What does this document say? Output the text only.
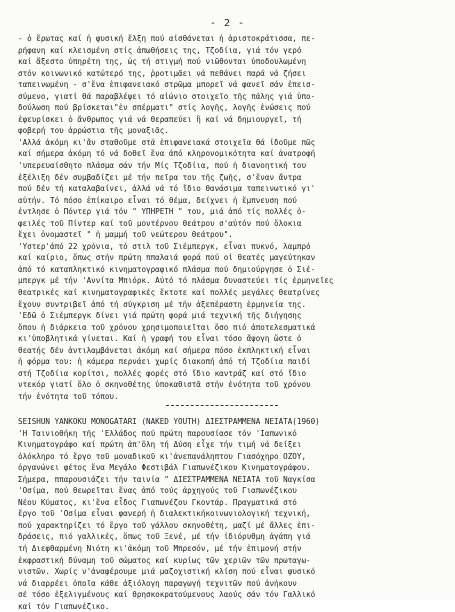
- 2 -
- ὁ ἔρωτας καί ἡ φυσική ἕλξη πού αἰσθάνεται ἡ ἀριστοκράτισσα, πε-
ρήφανη καί κλεισμένη στίς ἀπωθήσεις της, Τζοδίια, γιά τόν γερό
καί ἄξεστο ὑπηρέτη της, ὡς τή στιγμή πού νιῶθονται ὑποδουλωμένη
στόν κοινωνικό κατώτερό της, ῥροτιμᾶει νά πεθάνει παρά νά ζήσει
ταπεινωμένη - σ'ἕνα ἐπιφανειακό στρῶμα μπορεῖ νά φανεῖ σάν ἐπεισ-
σύμενο, γιατί θά παραβλέψει τό αἰώνιο στοιχεῖο τῆς πάλης γιά ὑπο-
δούλωση πού βρίσκεται"ἐν σπέρματι" στίς λογῆς, λογῆς ἑνώσεις πού
ἐφευρίσκει ὁ ἄνθρωπος γιά νά θεραπεύει ἢ καί νά δημιουργεῖ, τή
φοβερή του ἀρρώστια τῆς μοναξιᾶς.
'Αλλά ἀκόμη κι'ἄν σταθοῦμε στά ἐπιφανειακά στοιχεῖα θά ἰδοῦμε πῶς
καί σήμερα ἀκόμη τό νά δοθεῖ ἕνα ἀπό κληρονομικότητα καί ἀνατροφή
'υπερευαίσθητο πλάσμα σάν τήν Μίς Τζοδίια, πού ἡ διανοητική του
ἐξέλιξη δέν συμβαδίζει μέ τήν πεῖρα του τῆς ζωῆς, σ'ἕναν ἄντρα
πού δέν τή καταλαβαίνει, ἀλλά νά τό ἴδιο θανάσιμα ταπεινωτικό γι'
αὐτήν. Τό πόσο ἐπίκαιρο εἶναι τό θέμα, δείχνει ἡ ἔμπνευση πού
ἐντλησε ὁ Πόντερ γιά τόν " ΥΠΗΡΕΤΗ " του, μιά ἀπό τίς πολλές ὀ-
φειλές τοῦ Πίντερ καί τοῦ μοντέρνου θεάτρου σ'αὐτόν πού ὅλοκια
ἔχει ὀνομαστεῖ " ἡ μαμμή τοῦ νεώτερου θεάτρου".
'Υστερ'ἀπό 22 χρόνια, τό στιλ τοῦ Σιέμπεργκ, εἶναι πυκνό, λαμπρό
καί καίριο, ὅπως στήν πρώτη ππαλαιά φορά πού οἱ θεατές μαγεύτηκαν
ἀπό τό καταπληκτικό κινηματογραφικό πλάσμα πού δημιούργησε ὁ Σιέ-
μπεργκ μέ τήν 'Αννίτα Μπιόρκ. Αὐτό τό πλάσμα δυναστεύει τίς ἑρμηνεῖες
θεατρικές καί κινηματογραφικές ἔκτοτε καί πολλές μεγάλες θεατρίνες
ἔχουν συντριβεῖ ἀπό τή σύγκριση μέ τήν ἀξεπέραστη ἑρμηνεία της.
'Εδῶ ὁ Σιέμπεργκ δίνει γιά πρώτη φορά μιά τεχνική τῆς διήγησης
ὅπου ἡ διάρκεια τοῦ χρόνου χρησιμοποιεῖται ὅσο πιό ἀποτελεσματικά
κι'ὑποβλητικά γίνεται. Καί ἡ γραφή του εἶναι τόσο ἄψογη ὥστε ὁ
θεατής δέν ἀντιλαμβάνεται ἀκόμη καί σήμερα πόσο ἐκπληκτική εἶναι
ἡ φόρμα του: ἡ κάμερα περνάει χωρίς διακοπή ἀπό τή Τζοδίια παιδί
στή Τζοδίια κορίτσι, πολλές φορές στό ἴδιο καντράζ καί στό ἴδιο
ντεκόρ γιατί ὅλο ὁ σκηνοθέτης ὑποκαθιστᾶ στήν ἑνότητα τοῦ χρόνου
τήν ἑνότητα τοῦ τόπου.
SEISHUN YANKOKU MONOGATARI (NAKED YOUTH) ΔΙΕΣΤΡΑΜΜΕΝΑ ΝΕΙΑΤΑ(1960)
'Η Ταινιοθήκη τῆς 'Ελλάδος πού πρώτη παρουσίασε τόν 'Ιαπωνικό
Κινηματογράφο καί πρώτη ἀπ'ὅλη τή Δύση εἶχε τήν τιμή νά δείξει
ὁλόκληρο τό ἔργο τοῦ μοναδικοῦ κι'ἀνεπανάληπτου Γιασόχηρο ΟΖΟΥ,
ὀργανώνει φέτος ἕνα Μεγάλο Φεστιβάλ Γιαπωνέζικου Κινηματογράφου.
Σήμερα, ππαρουσιάζει τήν ταινία " ΔΙΕΣΤΡΑΜΜΕΝΑ ΝΕΙΑΤΑ τοῦ Ναγκίσα
'Οσίμα, πού θεωρεῖται ἕνας ἀπό τούς ἀρχηγούς τοῦ Γιαπωνέζικου
Νέου Κύματος, κι'ἕνα εἶδος Γιαπωνέζου Γκοντάρ. Πραγματικά στό
ἔργο τοῦ 'Οσίμα εἶναι φανερή ἡ διαλεκτικήκοινωνιολογική τεχνική,
πού χαρακτηρίζει τό ἔργο τοῦ γάλλου σκηνοθέτη, μαζί μέ ἄλλες ἐπι-
δράσεις, πιό γαλλικές, ὅπως τοῦ Ξενέ, μέ τήν ἰδιόρυθμη ἀγάπη γιά
τή Διεφθαρμένη Νιότη κι'ἀκόμη τοῦ Μπρεσόν, μέ τήν ἐπιμονή στήν
ἐκφραστική δύναμη τοῦ σώματος καί κυρίως τῶν χεριῶν τῶν πρωταγω-
νιστῶν. Χωρίς ν'ἀναφέρουμε μιά μαζοχιστική κλίση πού εἶναι φυσικό
νά διαρρέει ὁποῖα κάθε ἀξιόλογη παραγωγή τεχνιτῶν πού ἀνήκουν
σέ τόσο ἐξελιγμένους καί θρησκοκρατούμενους λαούς σάν τόν Γαλλικό
καί τόν Γιαπωνέζικο.
